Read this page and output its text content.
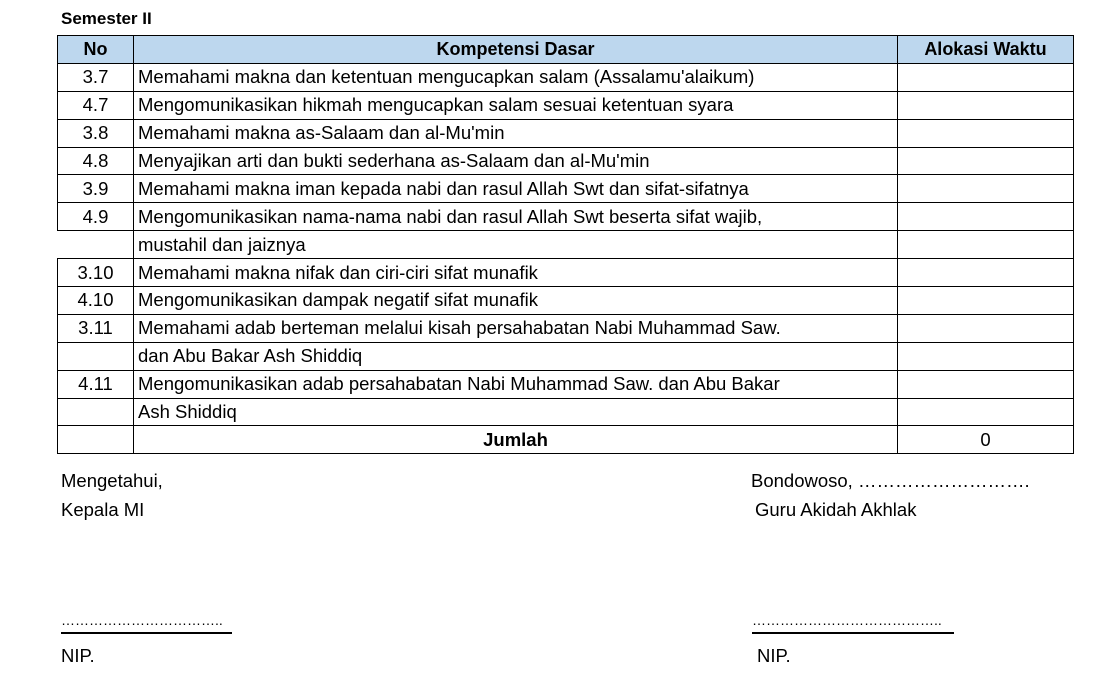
Semester II
No	Kompetensi Dasar	Alokasi Waktu
3.7	Memahami makna dan ketentuan mengucapkan salam (Assalamu'alaikum)	
4.7	Mengomunikasikan hikmah mengucapkan salam sesuai ketentuan syara	
3.8	Memahami makna as-Salaam dan al-Mu'min	
4.8	Menyajikan arti dan bukti sederhana as-Salaam dan al-Mu'min	
3.9	Memahami makna iman kepada nabi dan rasul Allah Swt dan sifat-sifatnya	
4.9	Mengomunikasikan nama-nama nabi dan rasul Allah Swt beserta sifat wajib,	
	mustahil dan jaiznya	
3.10	Memahami makna nifak dan ciri-ciri sifat munafik	
4.10	Mengomunikasikan dampak negatif sifat munafik	
3.11	Memahami adab berteman melalui kisah persahabatan Nabi Muhammad Saw.	
	dan Abu Bakar Ash Shiddiq	
4.11	Mengomunikasikan adab persahabatan Nabi Muhammad Saw. dan Abu Bakar	
	Ash Shiddiq	
	Jumlah	0
Mengetahui,
Kepala MI
Bondowoso, ……………………….
Guru Akidah Akhlak
……………………………..	…………………………………..
NIP.	NIP.
